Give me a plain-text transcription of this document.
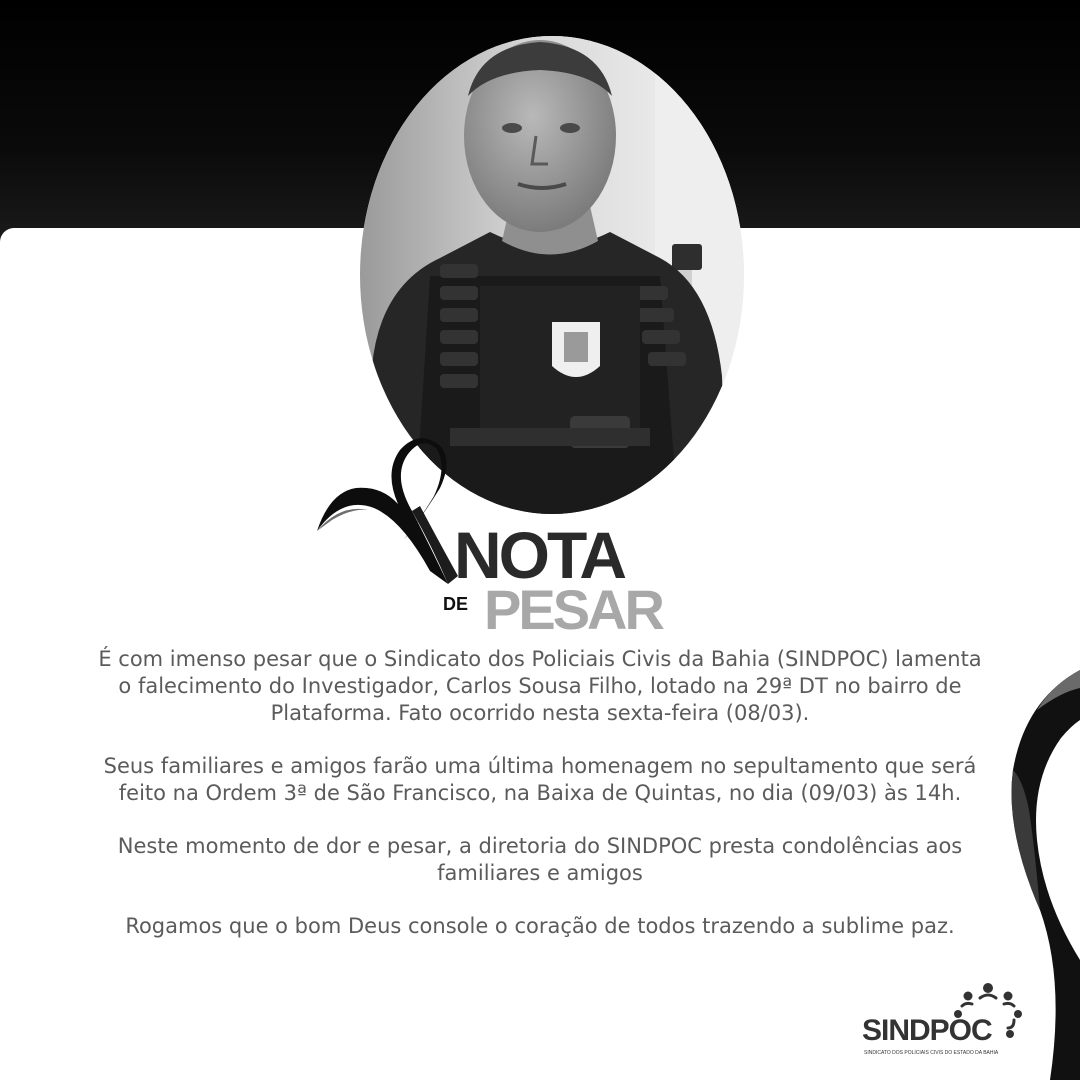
NOTA
DE PESAR

É com imenso pesar que o Sindicato dos Policiais Civis da Bahia (SINDPOC) lamenta o falecimento do Investigador, Carlos Sousa Filho, lotado na 29ª DT no bairro de Plataforma. Fato ocorrido nesta sexta-feira (08/03).

Seus familiares e amigos farão uma última homenagem no sepultamento que será feito na Ordem 3ª de São Francisco, na Baixa de Quintas, no dia (09/03) às 14h.

Neste momento de dor e pesar, a diretoria do SINDPOC presta condolências aos familiares e amigos

Rogamos que o bom Deus console o coração de todos trazendo a sublime paz.

SINDPOC
SINDICATO DOS POLICIAIS CIVIS DO ESTADO DA BAHIA
